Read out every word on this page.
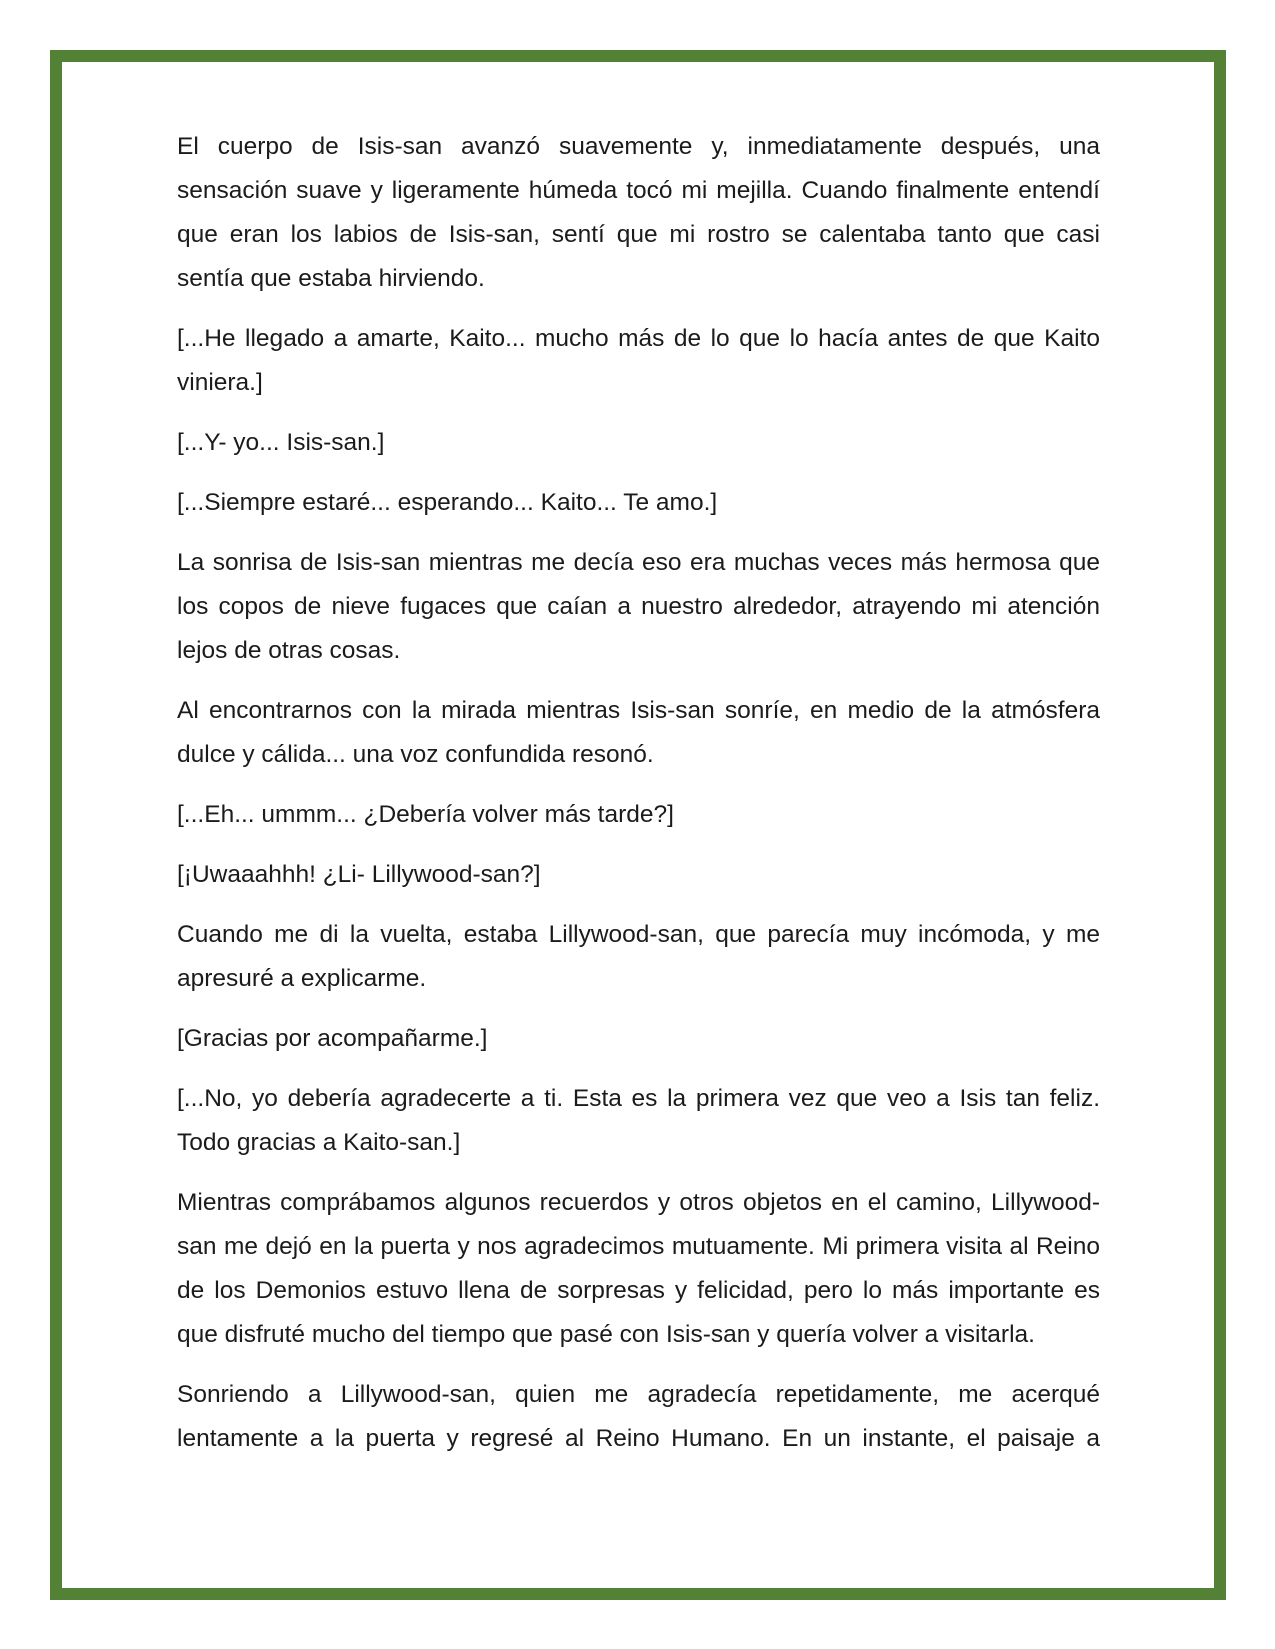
El cuerpo de Isis-san avanzó suavemente y, inmediatamente después, una sensación suave y ligeramente húmeda tocó mi mejilla. Cuando finalmente entendí que eran los labios de Isis-san, sentí que mi rostro se calentaba tanto que casi sentía que estaba hirviendo.

[...He llegado a amarte, Kaito... mucho más de lo que lo hacía antes de que Kaito viniera.]

[...Y- yo... Isis-san.]

[...Siempre estaré... esperando... Kaito... Te amo.]

La sonrisa de Isis-san mientras me decía eso era muchas veces más hermosa que los copos de nieve fugaces que caían a nuestro alrededor, atrayendo mi atención lejos de otras cosas.

Al encontrarnos con la mirada mientras Isis-san sonríe, en medio de la atmósfera dulce y cálida... una voz confundida resonó.

[...Eh... ummm... ¿Debería volver más tarde?]

[¡Uwaaahhh! ¿Li- Lillywood-san?]

Cuando me di la vuelta, estaba Lillywood-san, que parecía muy incómoda, y me apresuré a explicarme.

[Gracias por acompañarme.]

[...No, yo debería agradecerte a ti. Esta es la primera vez que veo a Isis tan feliz. Todo gracias a Kaito-san.]

Mientras comprábamos algunos recuerdos y otros objetos en el camino, Lillywood-san me dejó en la puerta y nos agradecimos mutuamente. Mi primera visita al Reino de los Demonios estuvo llena de sorpresas y felicidad, pero lo más importante es que disfruté mucho del tiempo que pasé con Isis-san y quería volver a visitarla.

Sonriendo a Lillywood-san, quien me agradecía repetidamente, me acerqué lentamente a la puerta y regresé al Reino Humano. En un instante, el paisaje a
